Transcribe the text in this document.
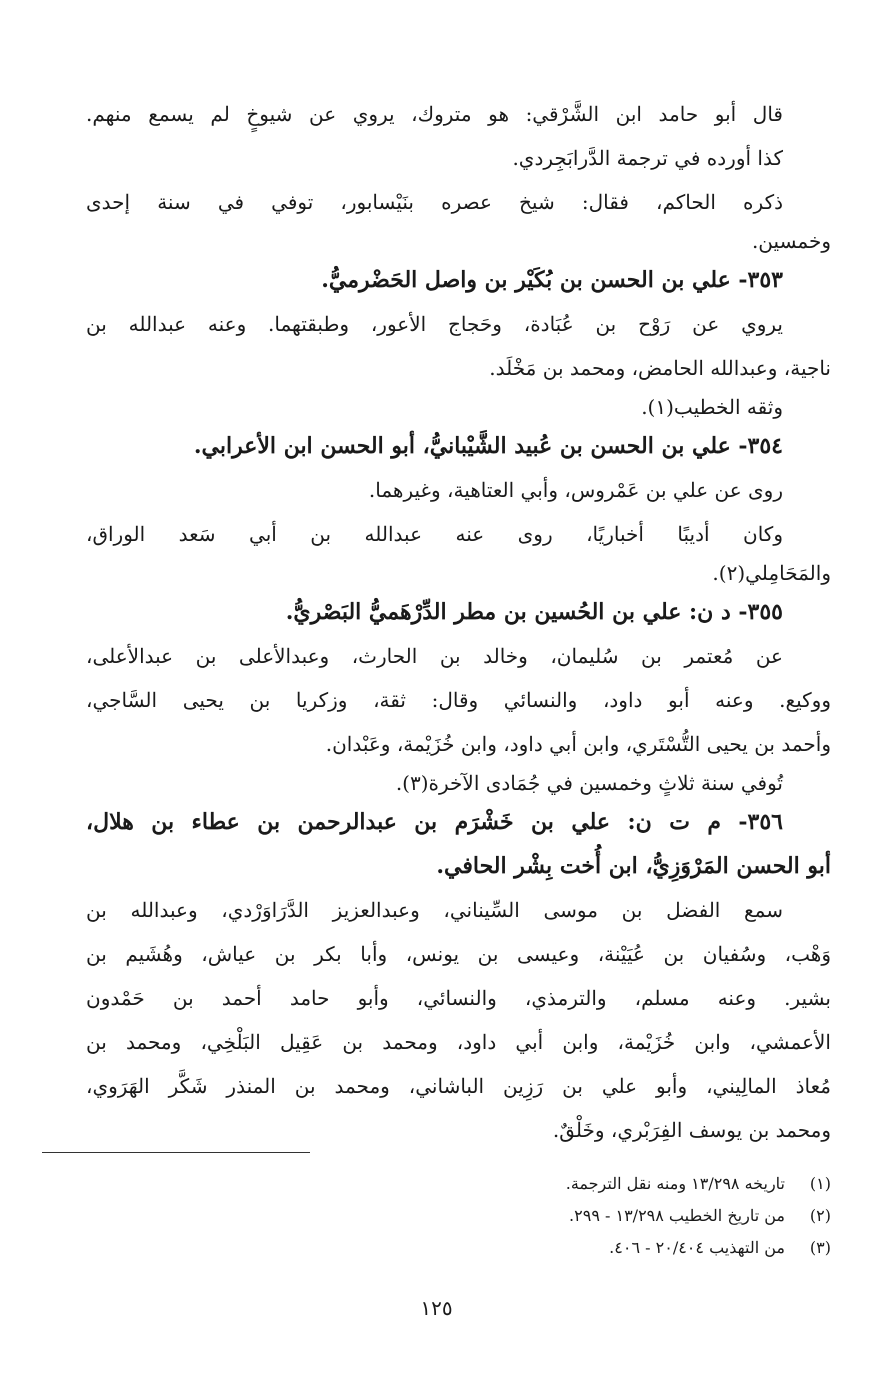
قال أبو حامد ابن الشَّرْقي: هو متروك، يروي عن شيوخٍ لم يسمع منهم.
كذا أورده في ترجمة الدَّرابَجِردي.
ذكره الحاكم، فقال: شيخ عصره بنَيْسابور، توفي في سنة إحدى
وخمسين.
٣٥٣- علي بن الحسن بن بُكَيْر بن واصل الحَضْرميُّ.
يروي عن رَوْح بن عُبَادة، وحَجاج الأعور، وطبقتهما. وعنه عبدالله بن
ناجية، وعبدالله الحامض، ومحمد بن مَخْلَد.
وثقه الخطيب(١).
٣٥٤- علي بن الحسن بن عُبيد الشَّيْبانيُّ، أبو الحسن ابن الأعرابي.
روى عن علي بن عَمْروس، وأبي العتاهية، وغيرهما.
وكان أديبًا أخباريًا، روى عنه عبدالله بن أبي سَعد الوراق،
والمَحَامِلي(٢).
٣٥٥- د ن: علي بن الحُسين بن مطر الدِّرْهَميُّ البَصْريُّ.
عن مُعتمر بن سُليمان، وخالد بن الحارث، وعبدالأعلى بن عبدالأعلى،
ووكيع. وعنه أبو داود، والنسائي وقال: ثقة، وزكريا بن يحيى السَّاجي،
وأحمد بن يحيى التُّسْتَري، وابن أبي داود، وابن خُزَيْمة، وعَبْدان.
تُوفي سنة ثلاثٍ وخمسين في جُمَادى الآخرة(٣).
٣٥٦- م ت ن: علي بن خَشْرَم بن عبدالرحمن بن عطاء بن هلال،
أبو الحسن المَرْوَزِيُّ، ابن أُخت بِشْر الحافي.
سمع الفضل بن موسى السِّيناني، وعبدالعزيز الدَّرَاوَرْدي، وعبدالله بن
وَهْب، وسُفيان بن عُيَيْنة، وعيسى بن يونس، وأبا بكر بن عياش، وهُشَيم بن
بشير. وعنه مسلم، والترمذي، والنسائي، وأبو حامد أحمد بن حَمْدون
الأعمشي، وابن خُزَيْمة، وابن أبي داود، ومحمد بن عَقِيل البَلْخِي، ومحمد بن
مُعاذ المالِيني، وأبو علي بن رَزِين الباشاني، ومحمد بن المنذر شَكَّر الهَرَوي،
ومحمد بن يوسف الفِرَبْري، وخَلْقٌ.
(١)تاريخه ١٣/٢٩٨ ومنه نقل الترجمة.
(٢)من تاريخ الخطيب ١٣/٢٩٨ - ٢٩٩.
(٣)من التهذيب ٢٠/٤٠٤ - ٤٠٦.
١٢٥
